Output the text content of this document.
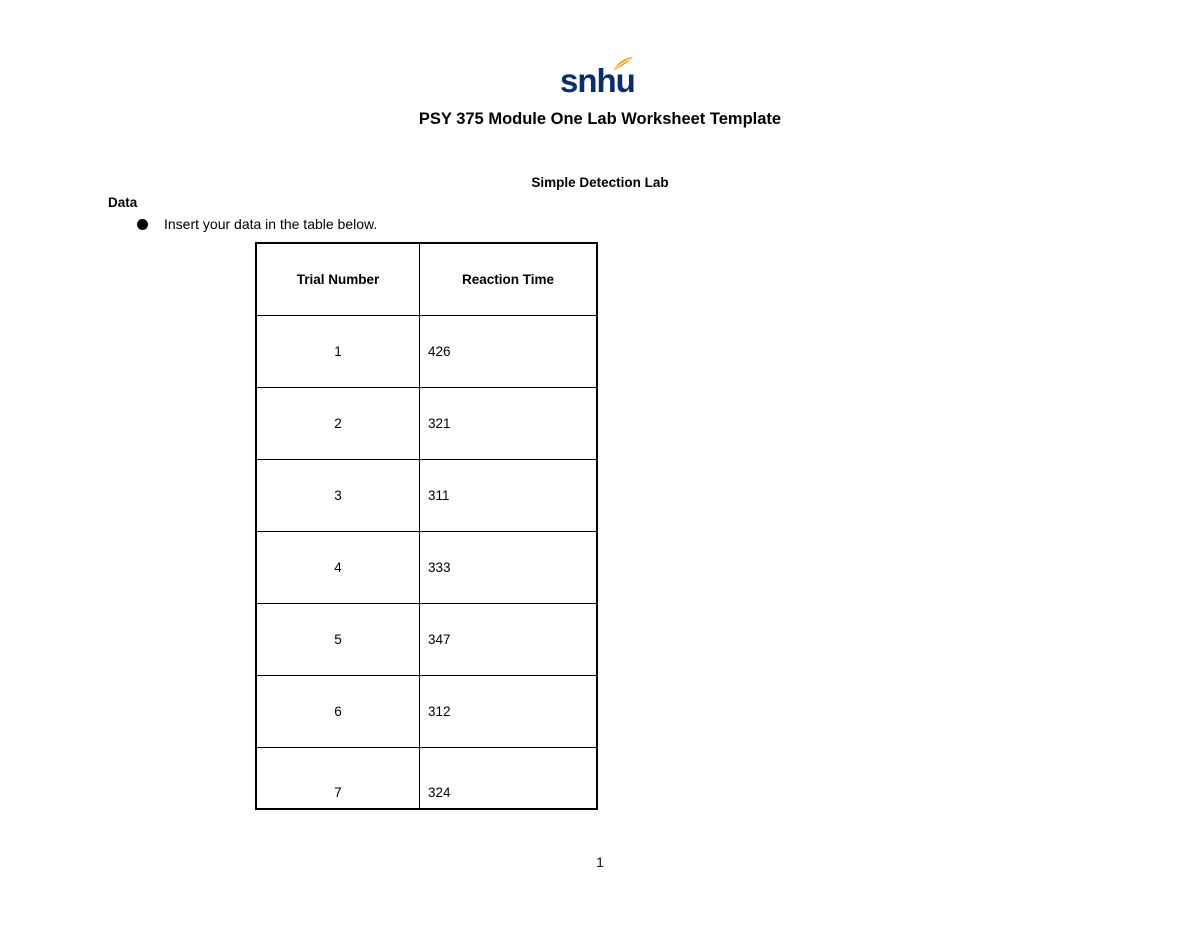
snhu
PSY 375 Module One Lab Worksheet Template
Simple Detection Lab
Data
Insert your data in the table below.
Trial Number	Reaction Time
1	426
2	321
3	311
4	333
5	347
6	312
7	324
1
